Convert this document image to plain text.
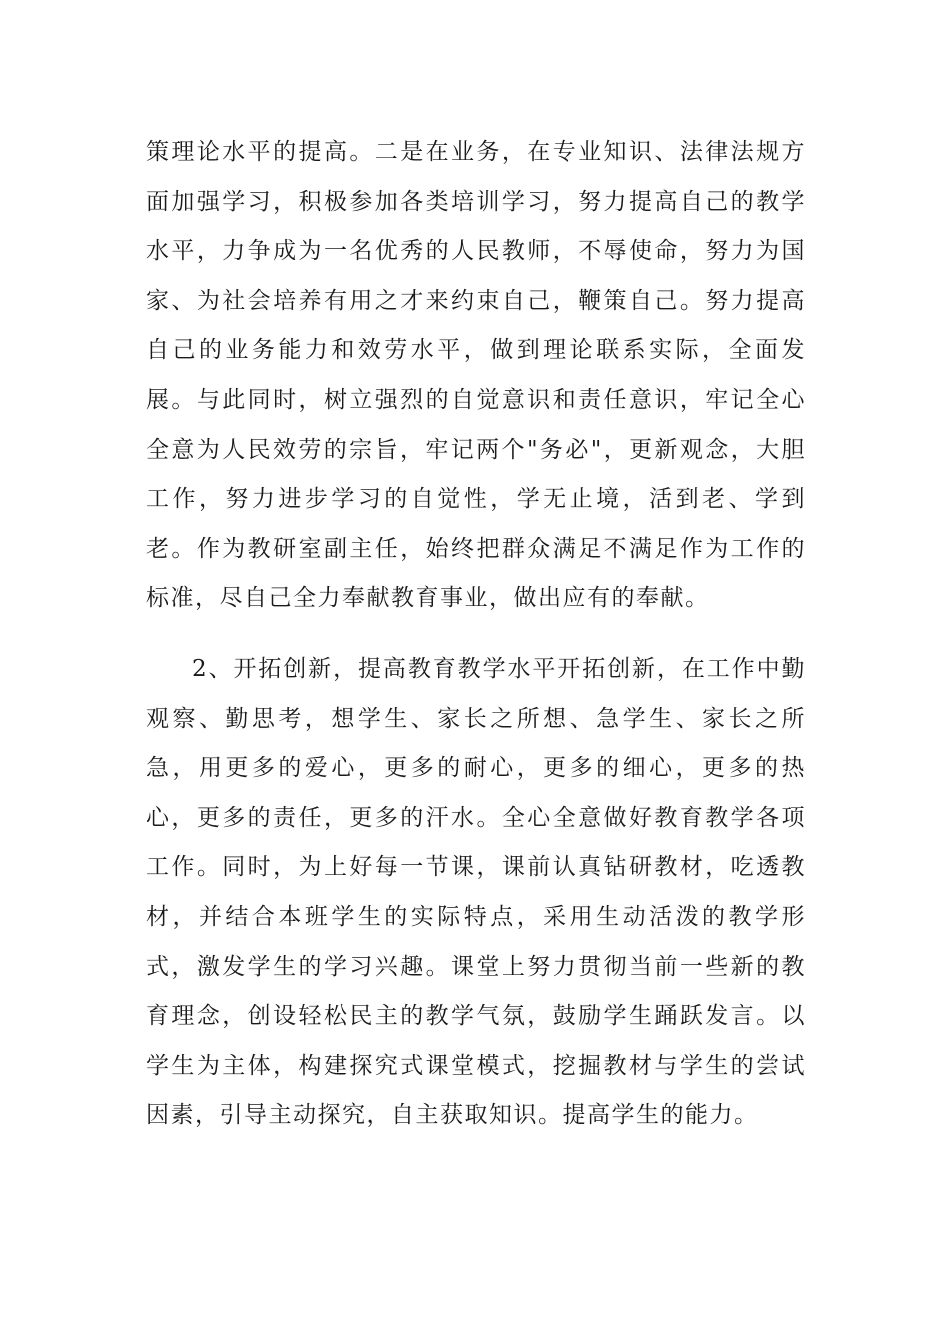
策理论水平的提高。二是在业务，在专业知识、法律法规方面加强学习，积极参加各类培训学习，努力提高自己的教学水平，力争成为一名优秀的人民教师，不辱使命，努力为国家、为社会培养有用之才来约束自己，鞭策自己。努力提高自己的业务能力和效劳水平，做到理论联系实际，全面发展。与此同时，树立强烈的自觉意识和责任意识，牢记全心全意为人民效劳的宗旨，牢记两个"务必"，更新观念，大胆工作，努力进步学习的自觉性，学无止境，活到老、学到老。作为教研室副主任，始终把群众满足不满足作为工作的标准，尽自己全力奉献教育事业，做出应有的奉献。

2、开拓创新，提高教育教学水平开拓创新，在工作中勤观察、勤思考，想学生、家长之所想、急学生、家长之所急，用更多的爱心，更多的耐心，更多的细心，更多的热心，更多的责任，更多的汗水。全心全意做好教育教学各项工作。同时，为上好每一节课，课前认真钻研教材，吃透教材，并结合本班学生的实际特点，采用生动活泼的教学形式，激发学生的学习兴趣。课堂上努力贯彻当前一些新的教育理念，创设轻松民主的教学气氛，鼓励学生踊跃发言。以学生为主体，构建探究式课堂模式，挖掘教材与学生的尝试因素，引导主动探究，自主获取知识。提高学生的能力。
